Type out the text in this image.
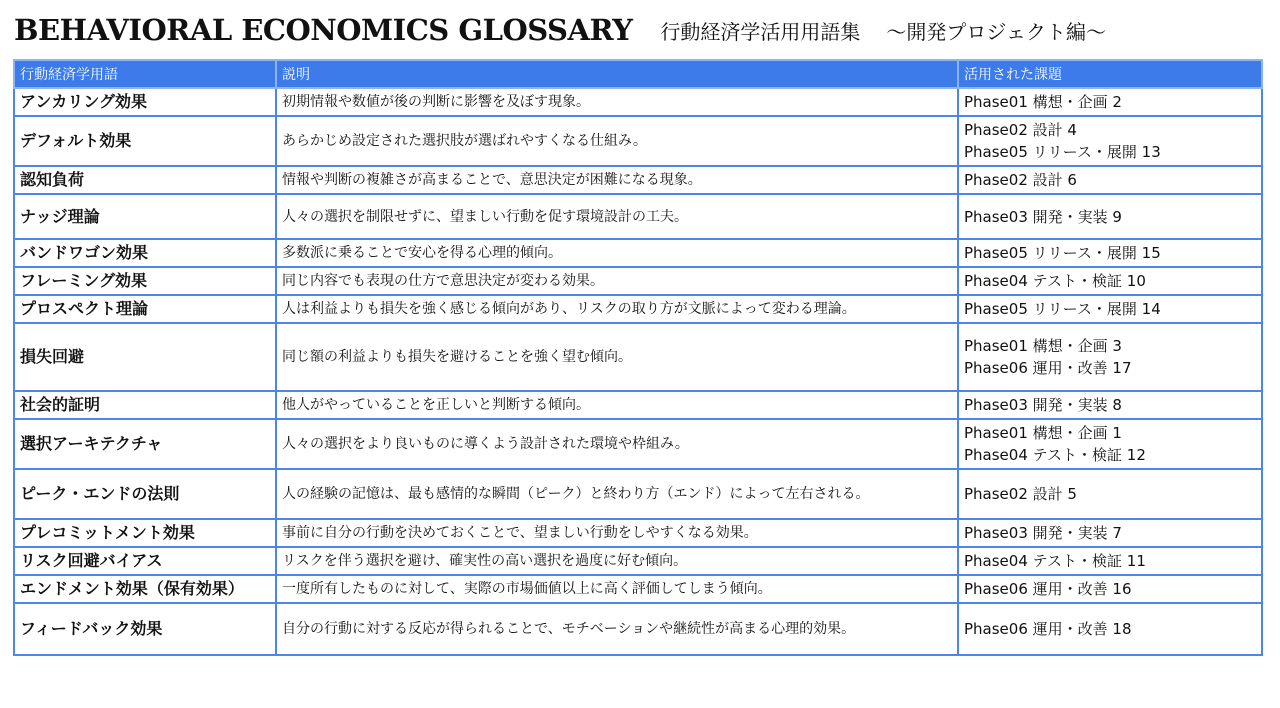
BEHAVIORAL ECONOMICS GLOSSARY 行動経済学活用用語集 〜開発プロジェクト編〜
行動経済学用語	説明	活用された課題
アンカリング効果	初期情報や数値が後の判断に影響を及ぼす現象。	Phase01 構想・企画 2

デフォルト効果	あらかじめ設定された選択肢が選ばれやすくなる仕組み。	Phase02 設計 4
Phase05 リリース・展開 13

認知負荷	情報や判断の複雑さが高まることで、意思決定が困難になる現象。	Phase02 設計 6

ナッジ理論	人々の選択を制限せずに、望ましい行動を促す環境設計の工夫。	Phase03 開発・実装 9

バンドワゴン効果	多数派に乗ることで安心を得る心理的傾向。	Phase05 リリース・展開 15

フレーミング効果	同じ内容でも表現の仕方で意思決定が変わる効果。	Phase04 テスト・検証 10

プロスペクト理論	人は利益よりも損失を強く感じる傾向があり、リスクの取り方が文脈によって変わる理論。	Phase05 リリース・展開 14

損失回避	同じ額の利益よりも損失を避けることを強く望む傾向。	Phase01 構想・企画 3
Phase06 運用・改善 17

社会的証明	他人がやっていることを正しいと判断する傾向。	Phase03 開発・実装 8

選択アーキテクチャ	人々の選択をより良いものに導くよう設計された環境や枠組み。	Phase01 構想・企画 1
Phase04 テスト・検証 12

ピーク・エンドの法則	人の経験の記憶は、最も感情的な瞬間（ピーク）と終わり方（エンド）によって左右される。	Phase02 設計 5

プレコミットメント効果	事前に自分の行動を決めておくことで、望ましい行動をしやすくなる効果。	Phase03 開発・実装 7

リスク回避バイアス	リスクを伴う選択を避け、確実性の高い選択を過度に好む傾向。	Phase04 テスト・検証 11

エンドメント効果（保有効果）	一度所有したものに対して、実際の市場価値以上に高く評価してしまう傾向。	Phase06 運用・改善 16

フィードバック効果	自分の行動に対する反応が得られることで、モチベーションや継続性が高まる心理的効果。	Phase06 運用・改善 18
